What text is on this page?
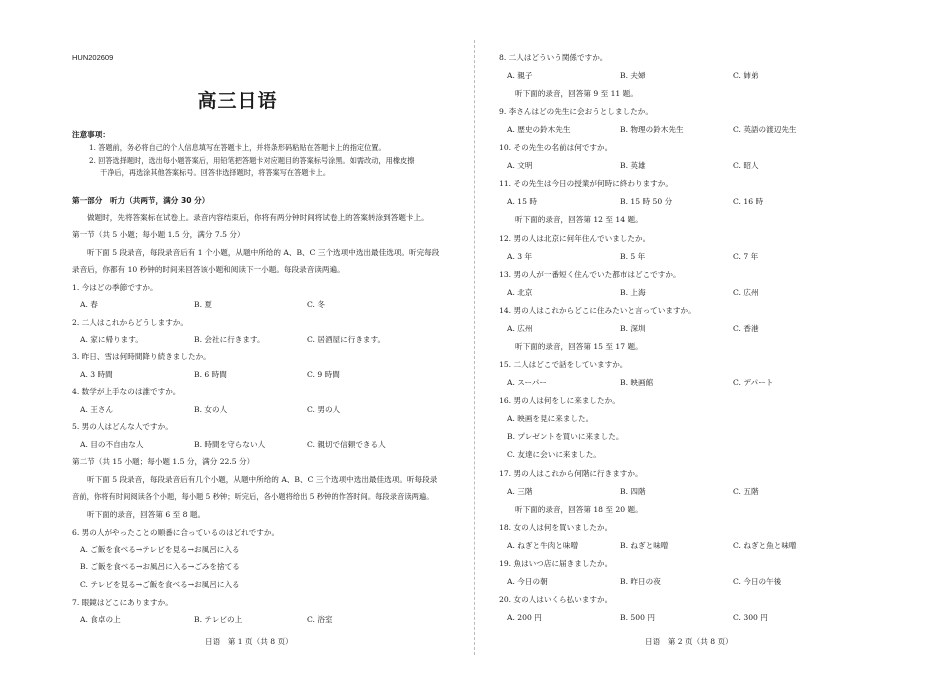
HUN202609
高三日语
注意事项：
1. 答题前，务必将自己的个人信息填写在答题卡上，并将条形码粘贴在答题卡上的指定位置。
2. 回答选择题时，选出每小题答案后，用铅笔把答题卡对应题目的答案标号涂黑。如需改动，用橡皮擦
干净后，再选涂其他答案标号。回答非选择题时，将答案写在答题卡上。
第一部分　听力（共两节，满分 30 分）
做题时，先将答案标在试卷上。录音内容结束后，你将有两分钟时间将试卷上的答案转涂到答题卡上。
第一节（共 5 小题；每小题 1.5 分，满分 7.5 分）
听下面 5 段录音，每段录音后有 1 个小题，从题中所给的 A、B、C 三个选项中选出最佳选项。听完每段
录音后，你都有 10 秒钟的时间来回答该小题和阅读下一小题。每段录音读两遍。
1. 今はどの季節ですか。
A. 春	B. 夏	C. 冬
2. 二人はこれからどうしますか。
A. 家に帰ります。	B. 会社に行きます。	C. 居酒屋に行きます。
3. 昨日、雪は何時間降り続きましたか。
A. 3 時間	B. 6 時間	C. 9 時間
4. 数学が上手なのは誰ですか。
A. 王さん	B. 女の人	C. 男の人
5. 男の人はどんな人ですか。
A. 目の不自由な人	B. 時間を守らない人	C. 親切で信頼できる人
第二节（共 15 小题；每小题 1.5 分，满分 22.5 分）
听下面 5 段录音，每段录音后有几个小题，从题中所给的 A、B、C 三个选项中选出最佳选项。听每段录
音前，你将有时间阅读各个小题，每小题 5 秒钟；听完后，各小题将给出 5 秒钟的作答时间。每段录音读两遍。
听下面的录音，回答第 6 至 8 题。
6. 男の人がやったことの順番に合っているのはどれですか。
A. ご飯を食べる→テレビを見る→お風呂に入る
B. ご飯を食べる→お風呂に入る→ごみを捨てる
C. テレビを見る→ご飯を食べる→お風呂に入る
7. 眼鏡はどこにありますか。
A. 食卓の上	B. テレビの上	C. 浴室
日语　第 1 页（共 8 页）
8. 二人はどういう関係ですか。
A. 親子	B. 夫婦	C. 姉弟
听下面的录音，回答第 9 至 11 题。
9. 李さんはどの先生に会おうとしましたか。
A. 歴史の鈴木先生	B. 物理の鈴木先生	C. 英語の渡辺先生
10. その先生の名前は何ですか。
A. 文明	B. 英雄	C. 昭人
11. その先生は今日の授業が何時に終わりますか。
A. 15 時	B. 15 時 50 分	C. 16 時
听下面的录音，回答第 12 至 14 题。
12. 男の人は北京に何年住んでいましたか。
A. 3 年	B. 5 年	C. 7 年
13. 男の人が一番短く住んでいた都市はどこですか。
A. 北京	B. 上海	C. 広州
14. 男の人はこれからどこに住みたいと言っていますか。
A. 広州	B. 深圳	C. 香港
听下面的录音，回答第 15 至 17 题。
15. 二人はどこで話をしていますか。
A. スーパー	B. 映画館	C. デパート
16. 男の人は何をしに来ましたか。
A. 映画を見に来ました。
B. プレゼントを買いに来ました。
C. 友達に会いに来ました。
17. 男の人はこれから何階に行きますか。
A. 三階	B. 四階	C. 五階
听下面的录音，回答第 18 至 20 题。
18. 女の人は何を買いましたか。
A. ねぎと牛肉と味噌	B. ねぎと味噌	C. ねぎと魚と味噌
19. 魚はいつ店に届きましたか。
A. 今日の朝	B. 昨日の夜	C. 今日の午後
20. 女の人はいくら払いますか。
A. 200 円	B. 500 円	C. 300 円
日语　第 2 页（共 8 页）
